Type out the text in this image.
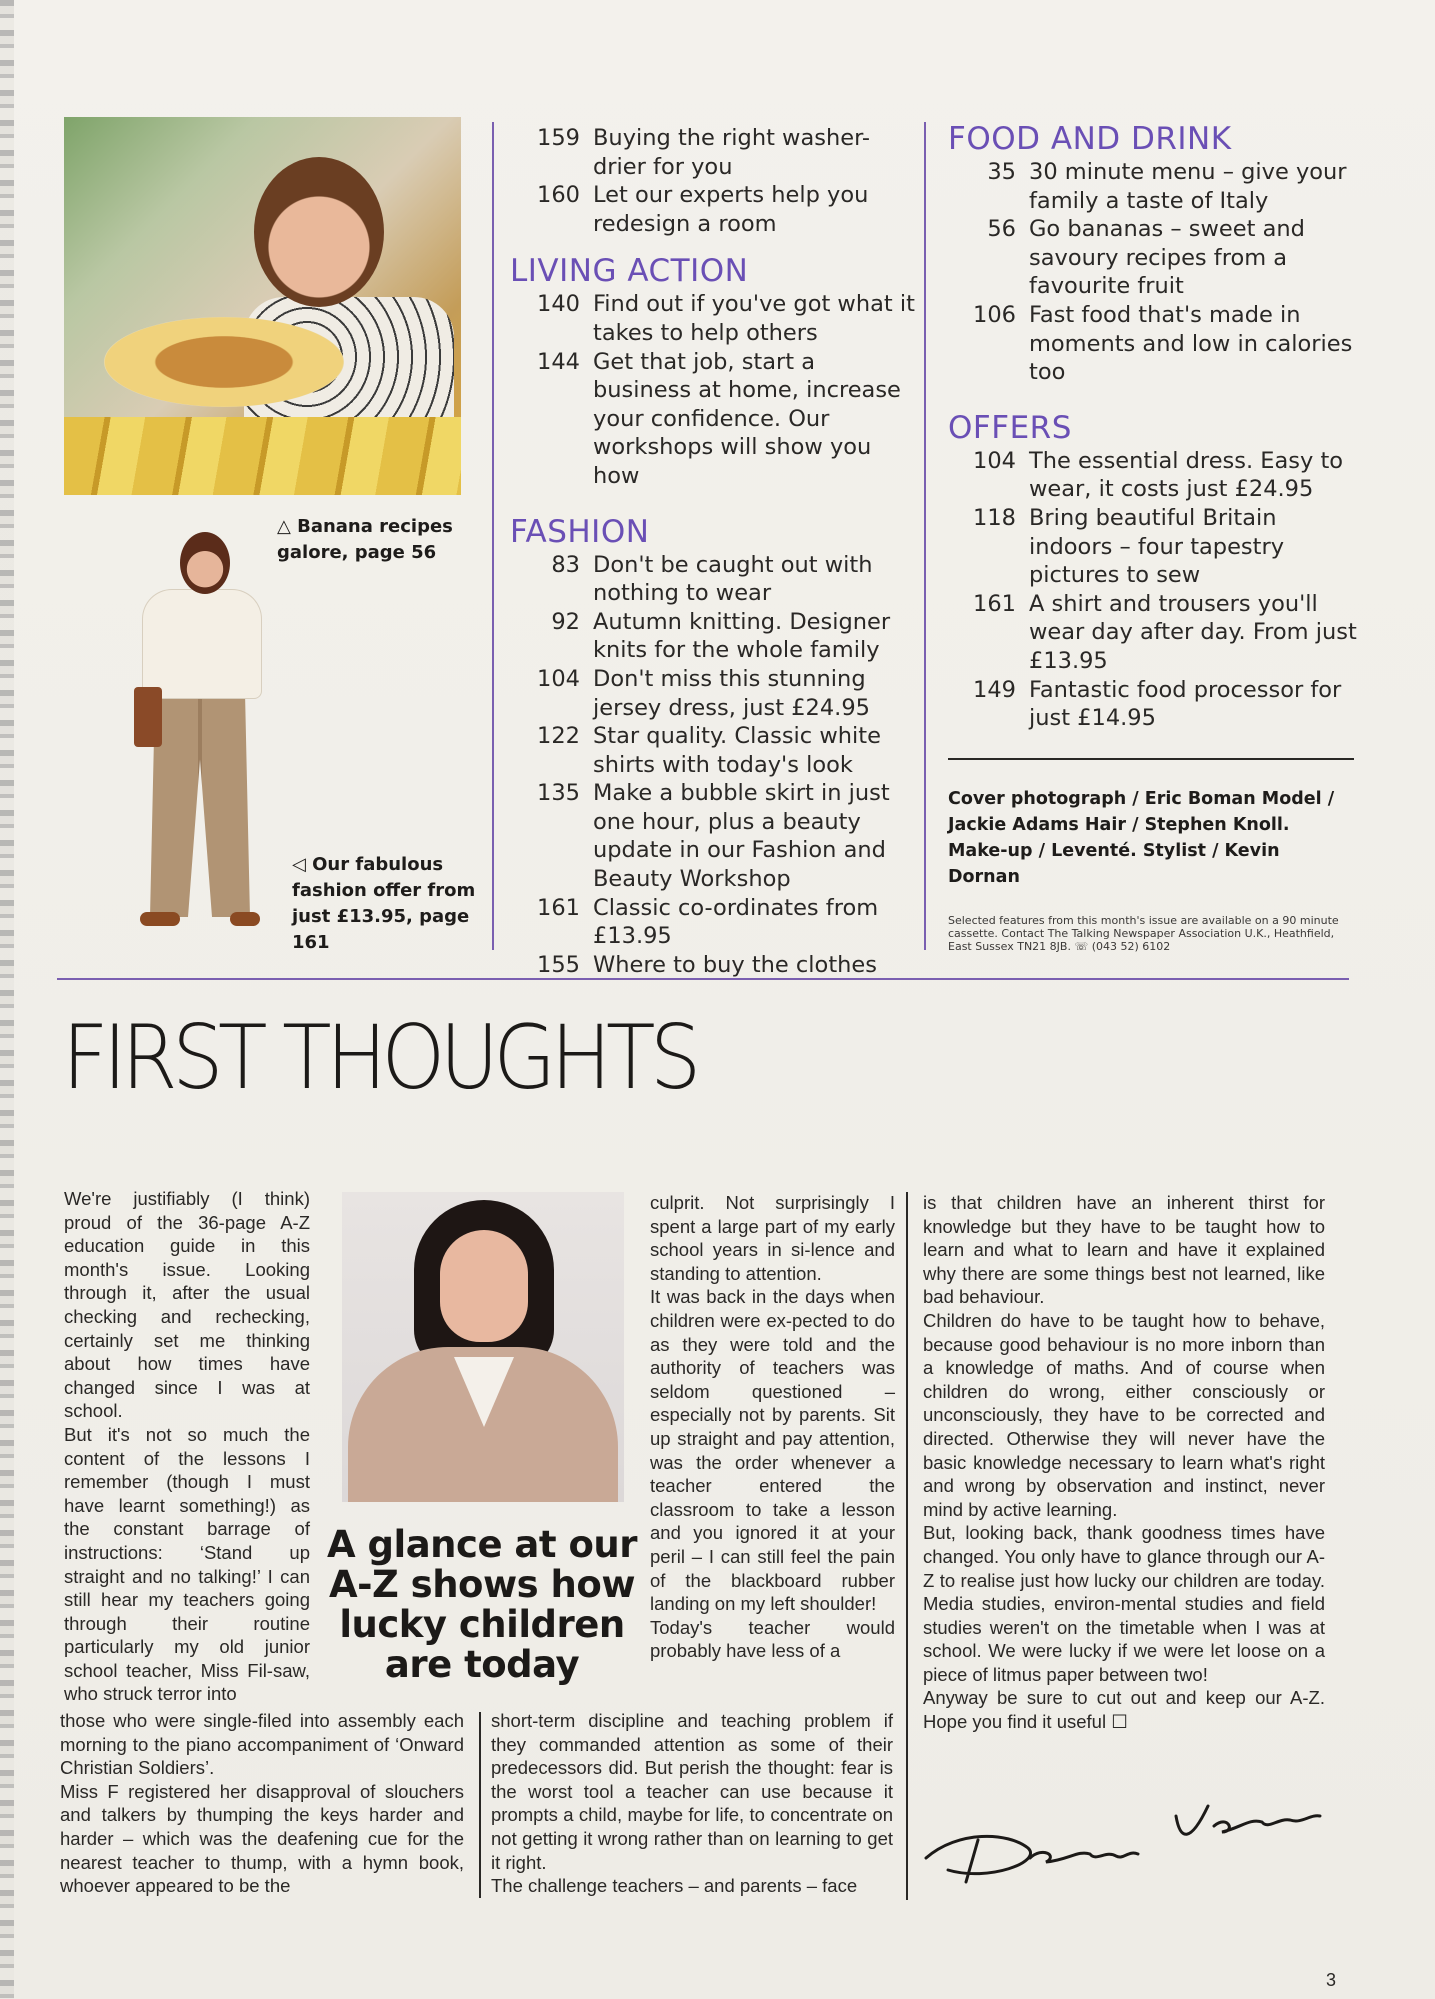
△ Banana recipes galore, page 56
◁ Our fabulous fashion offer from just £13.95, page 161
159 Buying the right washer-drier for you
160 Let our experts help you redesign a room
LIVING ACTION
140 Find out if you've got what it takes to help others
144 Get that job, start a business at home, increase your confidence. Our workshops will show you how
FASHION
83 Don't be caught out with nothing to wear
92 Autumn knitting. Designer knits for the whole family
104 Don't miss this stunning jersey dress, just £24.95
122 Star quality. Classic white shirts with today's look
135 Make a bubble skirt in just one hour, plus a beauty update in our Fashion and Beauty Workshop
161 Classic co-ordinates from £13.95
155 Where to buy the clothes
FOOD AND DRINK
35 30 minute menu – give your family a taste of Italy
56 Go bananas – sweet and savoury recipes from a favourite fruit
106 Fast food that's made in moments and low in calories too
OFFERS
104 The essential dress. Easy to wear, it costs just £24.95
118 Bring beautiful Britain indoors – four tapestry pictures to sew
161 A shirt and trousers you'll wear day after day. From just £13.95
149 Fantastic food processor for just £14.95
Cover photograph / Eric Boman Model / Jackie Adams Hair / Stephen Knoll. Make-up / Leventé. Stylist / Kevin Dornan
Selected features from this month's issue are available on a 90 minute cassette. Contact The Talking Newspaper Association U.K., Heathfield, East Sussex TN21 8JB. ☏ (043 52) 6102
FIRST THOUGHTS
A glance at our A-Z shows how lucky children are today

We're justifiably (I think) proud of the 36-page A-Z education guide in this month's issue. Looking through it, after the usual checking and rechecking, certainly set me thinking about how times have changed since I was at school.

But it's not so much the content of the lessons I remember (though I must have learnt something!) as the constant barrage of instructions: ‘Stand up straight and no talking!’ I can still hear my teachers going through their routine particularly my old junior school teacher, Miss Fil-saw, who struck terror into

those who were single-filed into assembly each morning to the piano accompaniment of ‘Onward Christian Soldiers’.

Miss F registered her disapproval of slouchers and talkers by thumping the keys harder and harder – which was the deafening cue for the nearest teacher to thump, with a hymn book, whoever appeared to be the

culprit. Not surprisingly I spent a large part of my early school years in si-lence and standing to attention.

It was back in the days when children were ex-pected to do as they were told and the authority of teachers was seldom questioned – especially not by parents. Sit up straight and pay attention, was the order whenever a teacher entered the classroom to take a lesson and you ignored it at your peril – I can still feel the pain of the blackboard rubber landing on my left shoulder!

Today's teacher would probably have less of a

short-term discipline and teaching problem if they commanded attention as some of their predecessors did. But perish the thought: fear is the worst tool a teacher can use because it prompts a child, maybe for life, to concentrate on not getting it wrong rather than on learning to get it right.

The challenge teachers – and parents – face

is that children have an inherent thirst for knowledge but they have to be taught how to learn and what to learn and have it explained why there are some things best not learned, like bad behaviour.

Children do have to be taught how to behave, because good behaviour is no more inborn than a knowledge of maths. And of course when children do wrong, either consciously or unconsciously, they have to be corrected and directed. Otherwise they will never have the basic knowledge necessary to learn what's right and wrong by observation and instinct, never mind by active learning.

But, looking back, thank goodness times have changed. You only have to glance through our A-Z to realise just how lucky our children are today. Media studies, environ-mental studies and field studies weren't on the timetable when I was at school. We were lucky if we were let loose on a piece of litmus paper between two!

Anyway be sure to cut out and keep our A-Z. Hope you find it useful ☐

3
